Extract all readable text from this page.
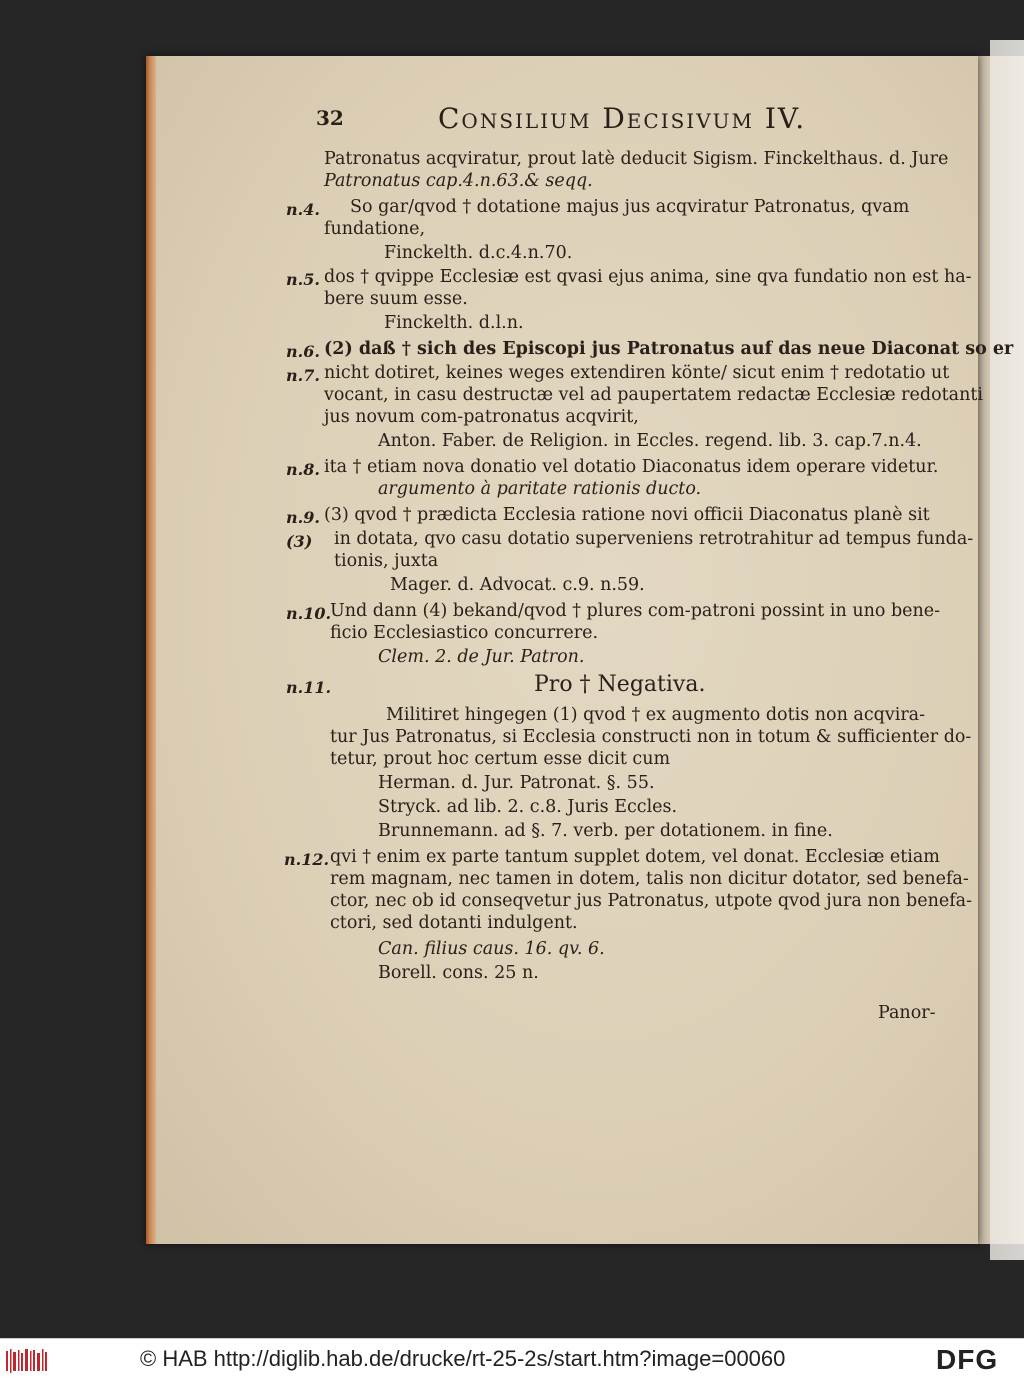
32	Consilium Decisivum IV.
Patronatus acqviratur, prout latè deducit Sigism. Finckelthaus. d. Jure
Patronatus cap.4.n.63.& seqq.
n.4. So gar/qvod † dotatione majus jus acqviratur Patronatus, qvam
fundatione,
Finckelth. d.c.4.n.70.
n.5. dos † qvippe Ecclesiæ est qvasi ejus anima, sine qva fundatio non est ha-
bere suum esse.
Finckelth. d.l.n.
n.6. (2) daß † sich des Episcopi jus Patronatus auf das neue Diaconat so er
n.7. nicht dotiret, keines weges extendiren könte/ sicut enim † redotatio ut
vocant, in casu destructæ vel ad paupertatem redactæ Ecclesiæ redotanti
jus novum com-patronatus acqvirit,
Anton. Faber. de Religion. in Eccles. regend. lib. 3. cap.7.n.4.
n.8. ita † etiam nova donatio vel dotatio Diaconatus idem operare videtur.
argumento à paritate rationis ducto.
n.9. (3) qvod † prædicta Ecclesia ratione novi officii Diaconatus planè sit
(3) in dotata, qvo casu dotatio superveniens retrotrahitur ad tempus funda-
tionis, juxta
Mager. d. Advocat. c.9. n.59.
n.10.
Und dann (4) bekand/qvod † plures com-patroni possint in uno bene-
ficio Ecclesiastico concurrere.
Clem. 2. de Jur. Patron.
n.11.	Pro † Negativa.
Militiret hingegen (1) qvod † ex augmento dotis non acqvira-
tur Jus Patronatus, si Ecclesia constructi non in totum & sufficienter do-
tetur, prout hoc certum esse dicit cum
Herman. d. Jur. Patronat. §. 55.
Stryck. ad lib. 2. c.8. Juris Eccles.
Brunnemann. ad §. 7. verb. per dotationem. in fine.
n.12. qvi † enim ex parte tantum supplet dotem, vel donat. Ecclesiæ etiam
rem magnam, nec tamen in dotem, talis non dicitur dotator, sed benefa-
ctor, nec ob id conseqvetur jus Patronatus, utpote qvod jura non benefa-
ctori, sed dotanti indulgent.
Can. filius caus. 16. qv. 6.
Borell. cons. 25 n.
Panor-
© HAB http://diglib.hab.de/drucke/rt-25-2s/start.htm?image=00060	DFG
